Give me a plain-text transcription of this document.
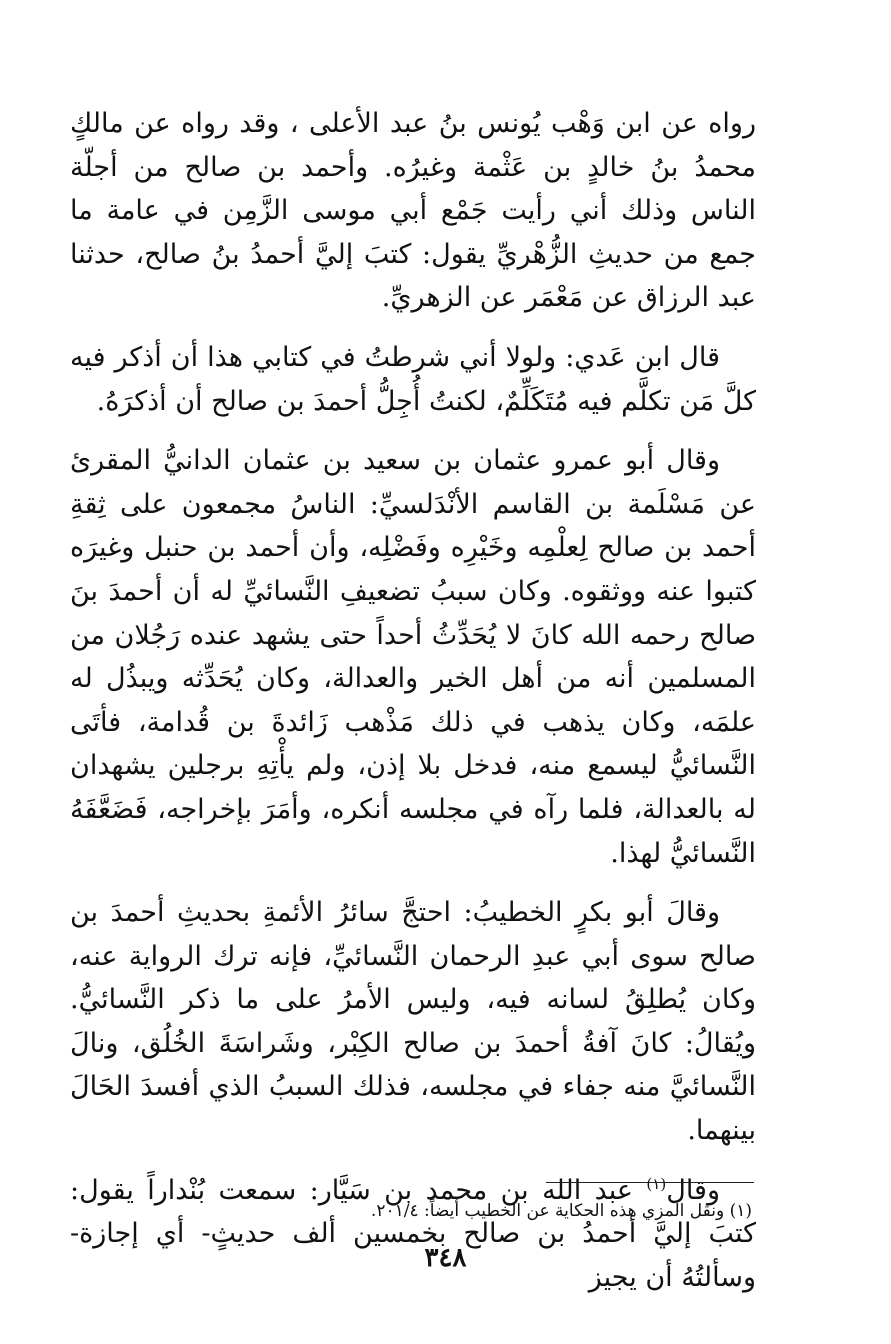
رواه عن ابن وَهْب يُونس بنُ عبد الأعلى ، وقد رواه عن مالكٍ محمدُ بنُ خالدٍ بن عَثْمة وغيرُه. وأحمد بن صالح من أجلّة الناس وذلك أني رأيت جَمْع أبي موسى الزَّمِن في عامة ما جمع من حديثِ الزُّهْريِّ يقول: كتبَ إليَّ أحمدُ بنُ صالح، حدثنا عبد الرزاق عن مَعْمَر عن الزهريِّ.

قال ابن عَدي: ولولا أني شرطتُ في كتابي هذا أن أذكر فيه كلَّ مَن تكلَّم فيه مُتَكَلِّمٌ، لكنتُ أُجِلُّ أحمدَ بن صالح أن أذكرَهُ.

وقال أبو عمرو عثمان بن سعيد بن عثمان الدانيُّ المقرئ عن مَسْلَمة بن القاسم الأنْدَلسيِّ: الناسُ مجمعون على ثِقةِ أحمد بن صالح لِعلْمِه وخَيْرِه وفَضْلِه، وأن أحمد بن حنبل وغيرَه كتبوا عنه ووثقوه. وكان سببُ تضعيفِ النَّسائيِّ له أن أحمدَ بنَ صالح رحمه الله كانَ لا يُحَدِّثُ أحداً حتى يشهد عنده رَجُلان من المسلمين أنه من أهل الخير والعدالة، وكان يُحَدِّثه ويبذُل له علمَه، وكان يذهب في ذلك مَذْهب زَائدةَ بن قُدامة، فأتَى النَّسائيُّ ليسمع منه، فدخل بلا إذن، ولم يأْتِهِ برجلين يشهدان له بالعدالة، فلما رآه في مجلسه أنكره، وأمَرَ بإخراجه، فَضَعَّفَهُ النَّسائيُّ لهذا.

وقالَ أبو بكرٍ الخطيبُ: احتجَّ سائرُ الأئمةِ بحديثِ أحمدَ بن صالح سوى أبي عبدِ الرحمان النَّسائيِّ، فإنه ترك الرواية عنه، وكان يُطلِقُ لسانه فيه، وليس الأمرُ على ما ذكر النَّسائيُّ. ويُقالُ: كانَ آفةُ أحمدَ بن صالح الكِبْر، وشَراسَةَ الخُلُق، ونالَ النَّسائيَّ منه جفاء في مجلسه، فذلك السببُ الذي أفسدَ الحَالَ بينهما.

وقال$^{(١)}$ عبد الله بن محمد بن سَيَّار: سمعت بُنْداراً يقول: كتبَ إليَّ أحمدُ بن صالح بخمسين ألف حديثٍ- أي إجازة- وسألتُهُ أن يجيز

(١) ونقل المزي هذه الحكاية عن الخطيب أيضاً: ٢٠١/٤.
٣٤٨
